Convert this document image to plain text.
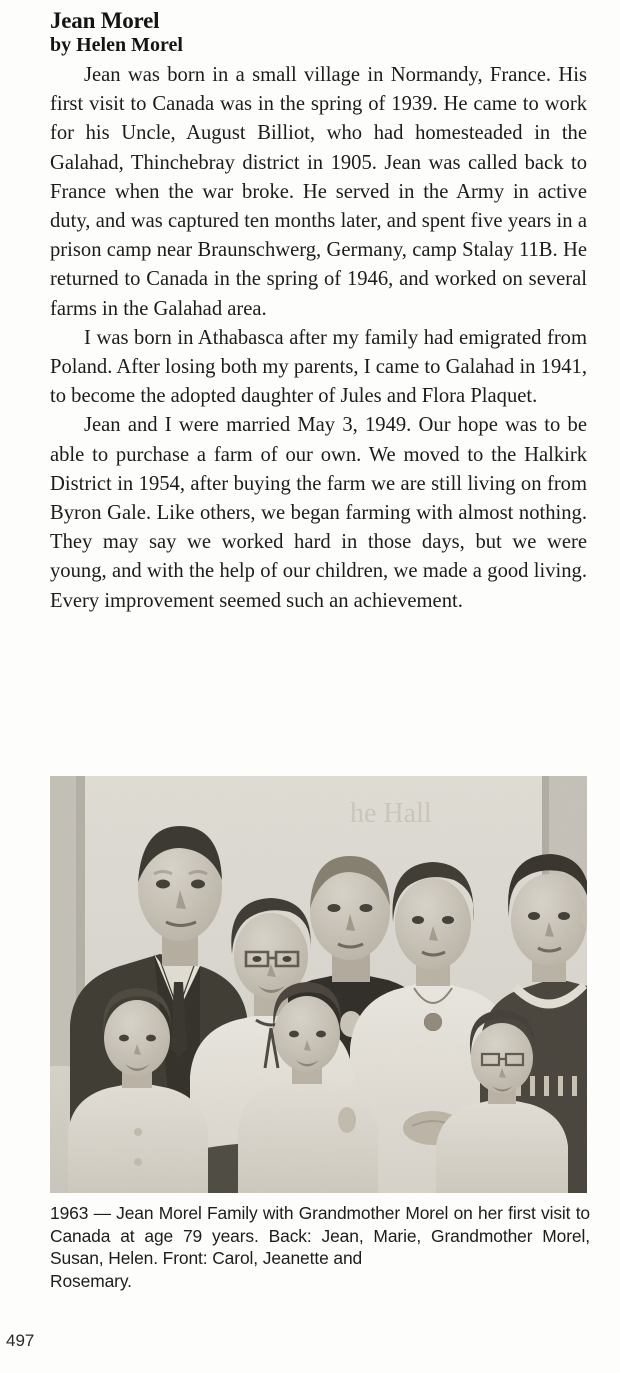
Jean Morel
by Helen Morel

Jean was born in a small village in Normandy, France. His first visit to Canada was in the spring of 1939. He came to work for his Uncle, August Billiot, who had homesteaded in the Galahad, Thinchebray district in 1905. Jean was called back to France when the war broke. He served in the Army in active duty, and was captured ten months later, and spent five years in a prison camp near Braunschwerg, Germany, camp Stalay 11B. He returned to Canada in the spring of 1946, and worked on several farms in the Galahad area.

I was born in Athabasca after my family had emigrated from Poland. After losing both my parents, I came to Galahad in 1941, to become the adopted daughter of Jules and Flora Plaquet.

Jean and I were married May 3, 1949. Our hope was to be able to purchase a farm of our own. We moved to the Halkirk District in 1954, after buying the farm we are still living on from Byron Gale. Like others, we began farming with almost nothing. They may say we worked hard in those days, but we were young, and with the help of our children, we made a good living. Every improvement seemed such an achievement.

he Hall
1963 — Jean Morel Family with Grandmother Morel on her first visit to Canada at age 79 years. Back: Jean, Marie, Grandmother Morel, Susan, Helen. Front: Carol, Jeanette and
Rosemary.
497
